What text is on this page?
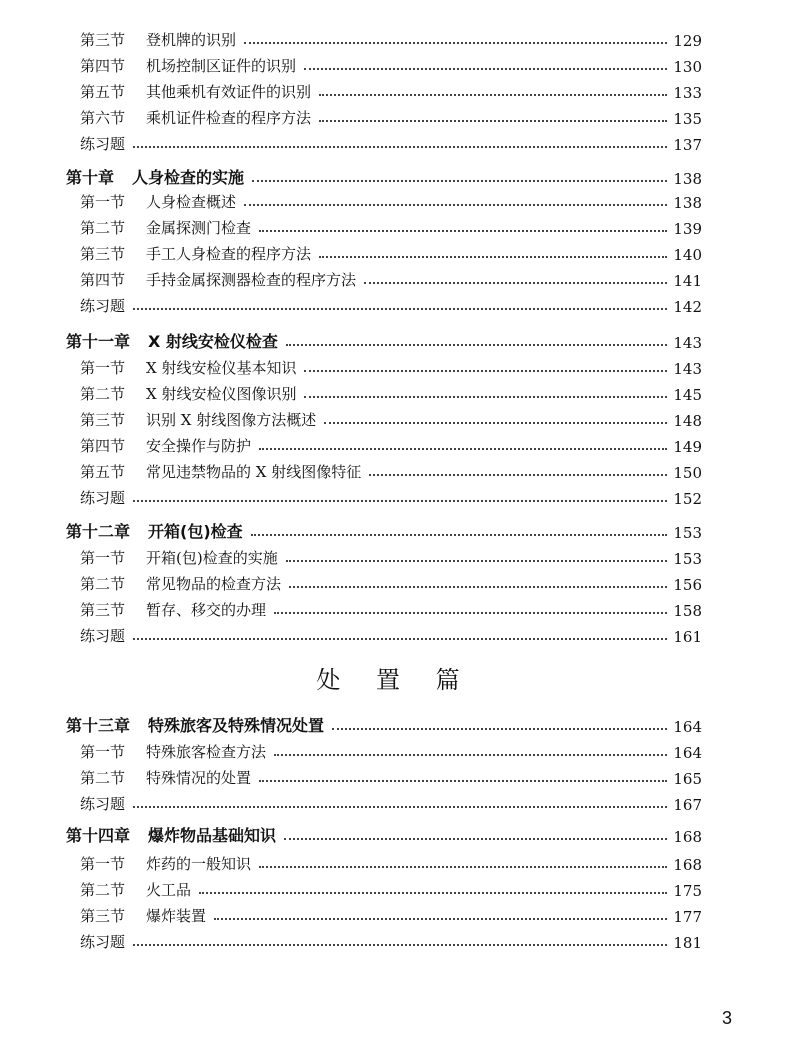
第三节	登机牌的识别	129
第四节	机场控制区证件的识别	130
第五节	其他乘机有效证件的识别	133
第六节	乘机证件检查的程序方法	135
练习题	137
第十章 人身检查的实施	138
第一节	人身检查概述	138
第二节	金属探测门检查	139
第三节	手工人身检查的程序方法	140
第四节	手持金属探测器检查的程序方法	141
练习题	142
第十一章 X 射线安检仪检查	143
第一节	X 射线安检仪基本知识	143
第二节	X 射线安检仪图像识别	145
第三节	识别 X 射线图像方法概述	148
第四节	安全操作与防护	149
第五节	常见违禁物品的 X 射线图像特征	150
练习题	152
第十二章 开箱(包)检查	153
第一节	开箱(包)检查的实施	153
第二节	常见物品的检查方法	156
第三节	暂存、移交的办理	158
练习题	161
第十三章 特殊旅客及特殊情况处置	164
第一节	特殊旅客检查方法	164
第二节	特殊情况的处置	165
练习题	167
第十四章 爆炸物品基础知识	168
第一节	炸药的一般知识	168
第二节	火工品	175
第三节	爆炸装置	177
练习题	181
处 置 篇
3
